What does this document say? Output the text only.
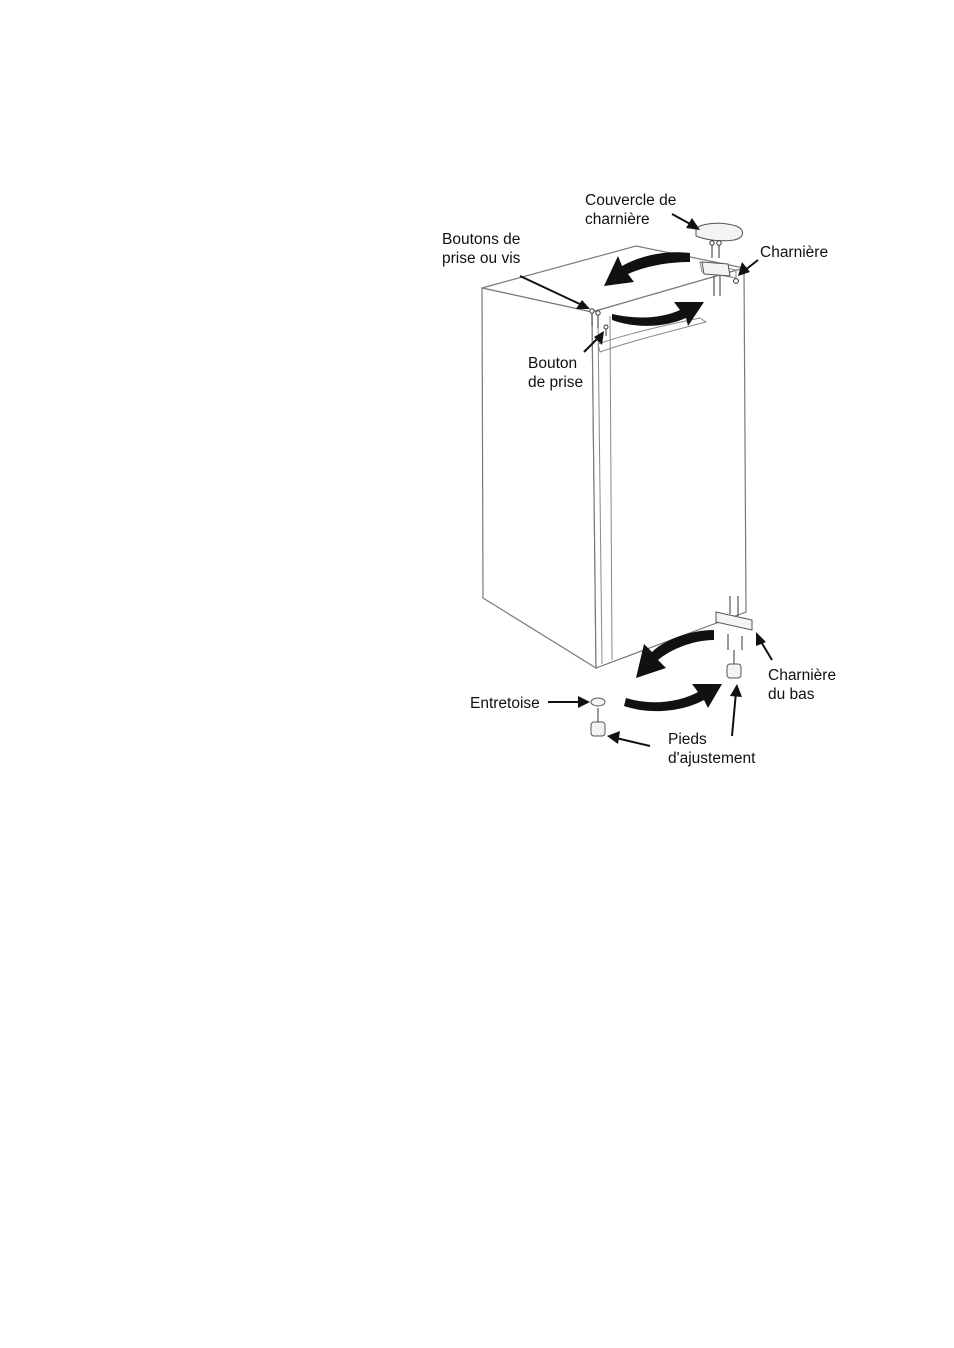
Couvercle de charnière
Charnière
Boutons de prise ou vis
Bouton de prise
Charnière du bas
Entretoise
Pieds d'ajustement
